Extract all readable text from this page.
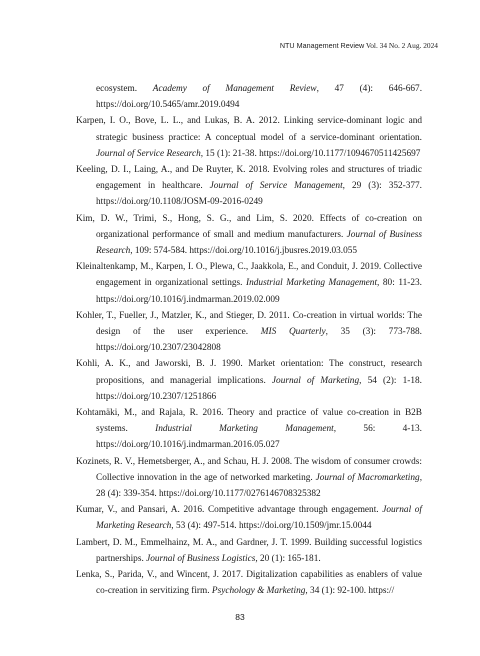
NTU Management Review Vol. 34 No. 2 Aug. 2024

ecosystem. Academy of Management Review, 47 (4): 646-667. https://doi.org/10.5465/amr.2019.0494

Karpen, I. O., Bove, L. L., and Lukas, B. A. 2012. Linking service-dominant logic and strategic business practice: A conceptual model of a service-dominant orientation. Journal of Service Research, 15 (1): 21-38. https://doi.org/10.1177/1094670511425697

Keeling, D. I., Laing, A., and De Ruyter, K. 2018. Evolving roles and structures of triadic engagement in healthcare. Journal of Service Management, 29 (3): 352-377. https://doi.org/10.1108/JOSM-09-2016-0249

Kim, D. W., Trimi, S., Hong, S. G., and Lim, S. 2020. Effects of co-creation on organizational performance of small and medium manufacturers. Journal of Business Research, 109: 574-584. https://doi.org/10.1016/j.jbusres.2019.03.055

Kleinaltenkamp, M., Karpen, I. O., Plewa, C., Jaakkola, E., and Conduit, J. 2019. Collective engagement in organizational settings. Industrial Marketing Management, 80: 11-23. https://doi.org/10.1016/j.indmarman.2019.02.009

Kohler, T., Fueller, J., Matzler, K., and Stieger, D. 2011. Co-creation in virtual worlds: The design of the user experience. MIS Quarterly, 35 (3): 773-788. https://doi.org/10.2307/23042808

Kohli, A. K., and Jaworski, B. J. 1990. Market orientation: The construct, research propositions, and managerial implications. Journal of Marketing, 54 (2): 1-18. https://doi.org/10.2307/1251866

Kohtamäki, M., and Rajala, R. 2016. Theory and practice of value co-creation in B2B systems. Industrial Marketing Management, 56: 4-13. https://doi.org/10.1016/j.indmarman.2016.05.027

Kozinets, R. V., Hemetsberger, A., and Schau, H. J. 2008. The wisdom of consumer crowds: Collective innovation in the age of networked marketing. Journal of Macromarketing, 28 (4): 339-354. https://doi.org/10.1177/0276146708325382

Kumar, V., and Pansari, A. 2016. Competitive advantage through engagement. Journal of Marketing Research, 53 (4): 497-514. https://doi.org/10.1509/jmr.15.0044

Lambert, D. M., Emmelhainz, M. A., and Gardner, J. T. 1999. Building successful logistics partnerships. Journal of Business Logistics, 20 (1): 165-181.

Lenka, S., Parida, V., and Wincent, J. 2017. Digitalization capabilities as enablers of value co-creation in servitizing firm. Psychology & Marketing, 34 (1): 92-100. https://

83
